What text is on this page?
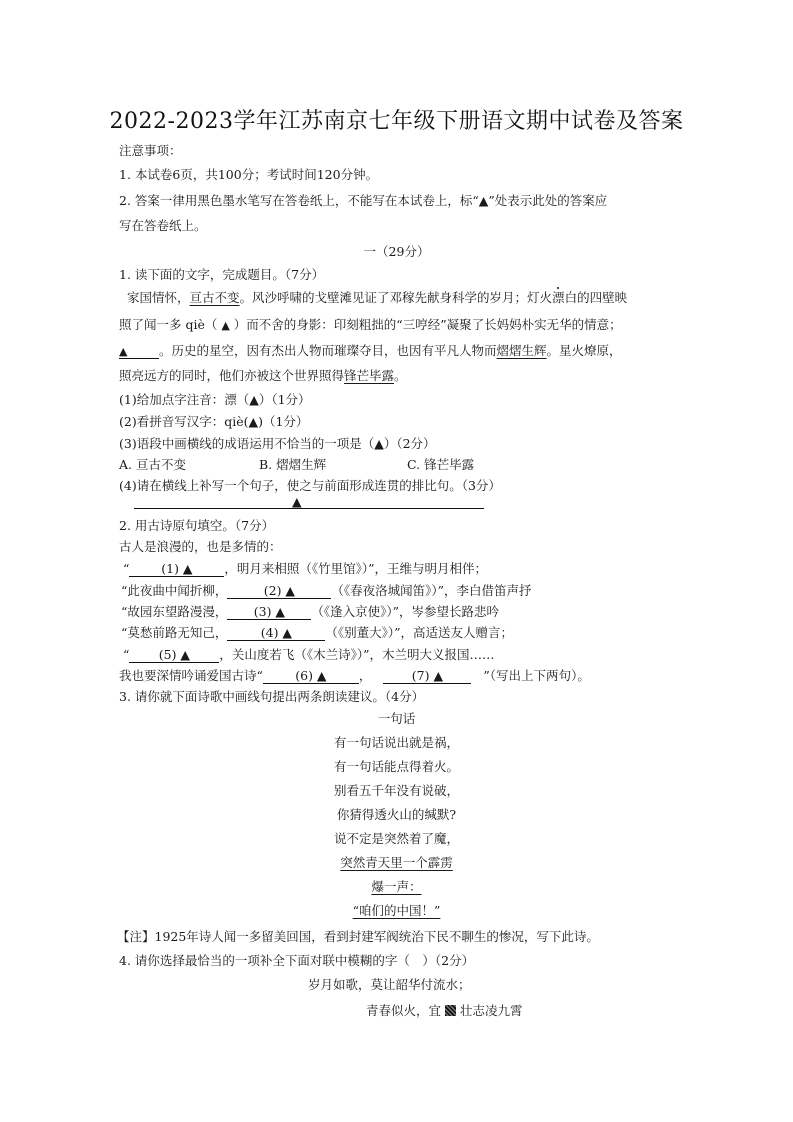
2022-2023学年江苏南京七年级下册语文期中试卷及答案
注意事项：
1. 本试卷6页，共100分；考试时间120分钟。
2. 答案一律用黑色墨水笔写在答卷纸上，不能写在本试卷上，标“▲”处表示此处的答案应
写在答卷纸上。
一（29分）
1. 读下面的文字，完成题目。（7分）
家国情怀，亘古不变。风沙呼啸的戈壁滩见证了邓稼先献身科学的岁月；灯火漂白的四壁映
照了闻一多 qiè（ ▲ ）而不舍的身影：印刻粗拙的“三哼经”凝聚了长妈妈朴实无华的情意；
▲	。历史的星空，因有杰出人物而璀璨夺目，也因有平凡人物而熠熠生辉。星火燎原，
照亮远方的同时，他们亦被这个世界照得锋芒毕露。
(1)给加点字注音：漂（▲）（1分）
(2)看拼音写汉字：qiè(▲)（1分）
(3)语段中画横线的成语运用不恰当的一项是（▲）（2分）
A. 亘古不变	B. 熠熠生辉	C. 锋芒毕露
(4)请在横线上补写一个句子，使之与前面形成连贯的排比句。（3分）
▲
2. 用古诗原句填空。（7分）
古人是浪漫的，也是多情的：
“	(1) ▲	，明月来相照（《竹里馆》）”，王维与明月相伴；
“此夜曲中闻折柳，	(2) ▲	（《春夜洛城闻笛》）”，李白借笛声抒
“故园东望路漫漫， (3) ▲ （《逢入京使》）”，岑参望长路悲吟
“莫愁前路无知己，	(4) ▲	（《别董大》）”，高适送友人赠言；
“ (5) ▲ ，关山度若飞（《木兰诗》）”，木兰明大义报国……
我也要深情吟诵爱国古诗“	(6) ▲	，	(7) ▲	”（写出上下两句）。
3. 请你就下面诗歌中画线句提出两条朗读建议。（4分）
一句话
有一句话说出就是祸，
有一句话能点得着火。
别看五千年没有说破，
你猜得透火山的缄默?
说不定是突然着了魔，
突然青天里一个霹雳
爆一声：
“咱们的中国！”
【注】1925年诗人闻一多留美回国，看到封建军阀统治下民不聊生的惨况，写下此诗。
4. 请你选择最恰当的一项补全下面对联中模糊的字（　）（2分）
岁月如歌，莫让韶华付流水；
青春似火，宜 壮志凌九霄
